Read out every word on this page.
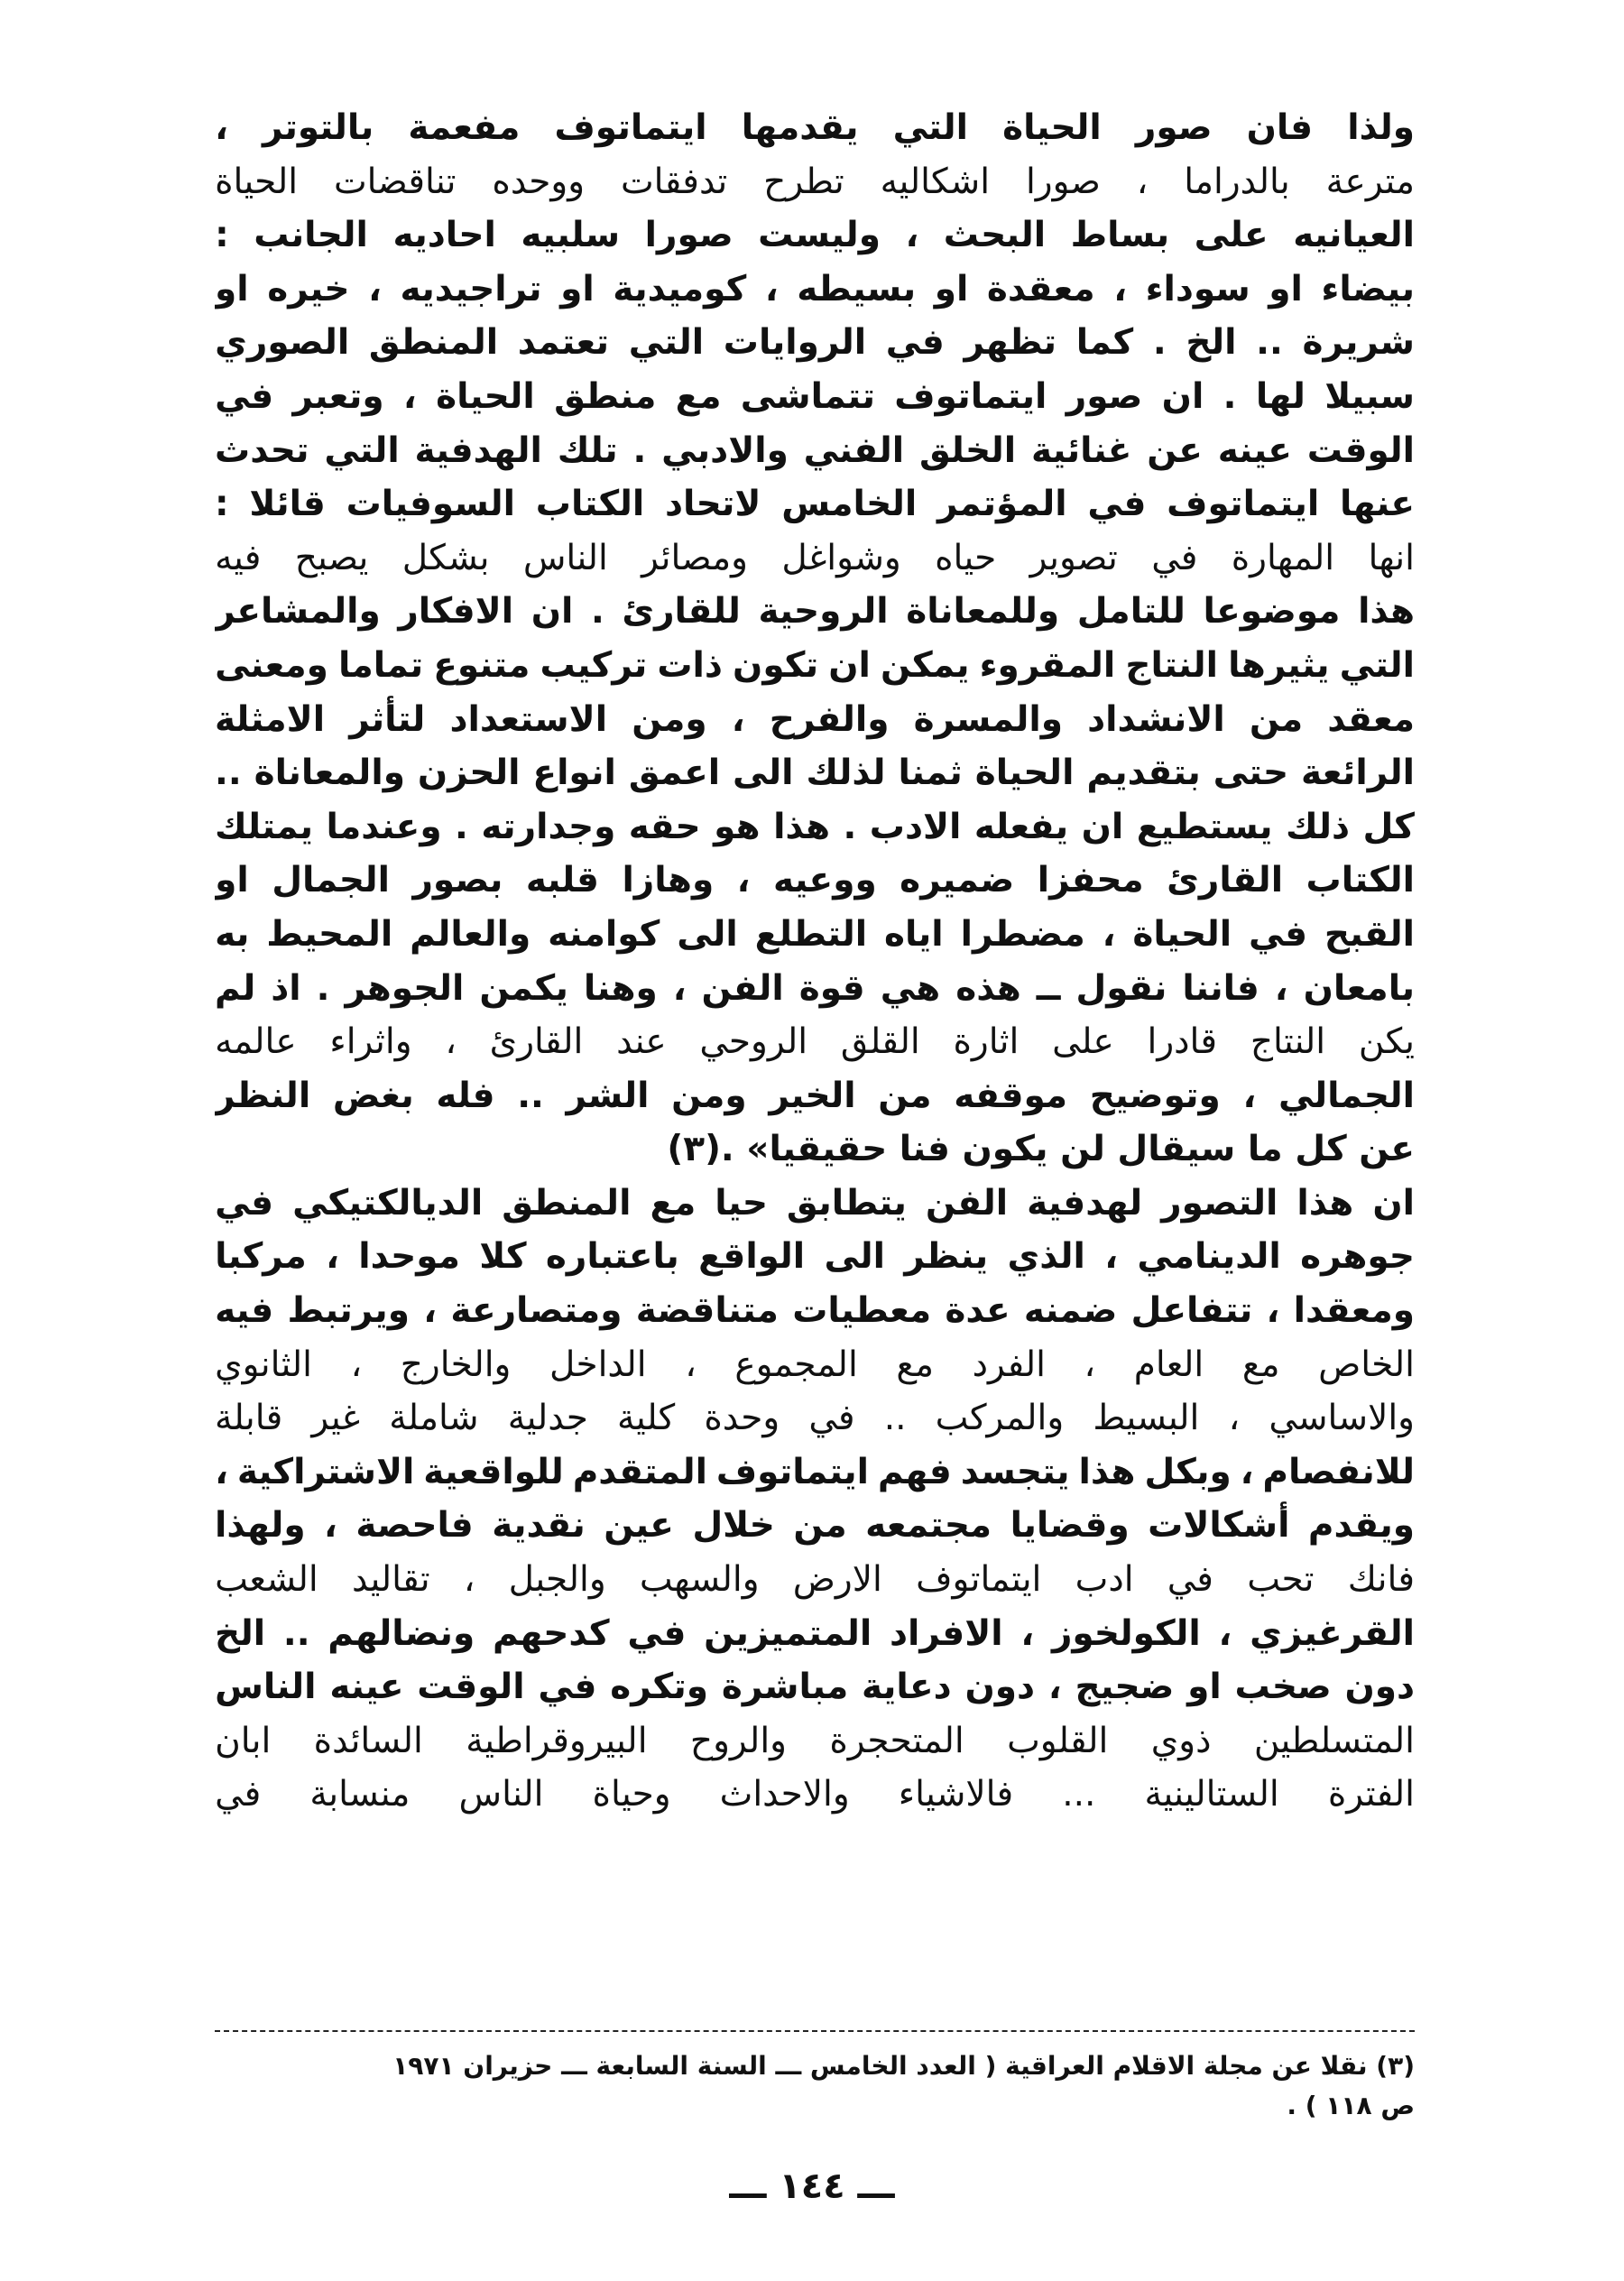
ولذا
فان
صور
الحياة
التي
يقدمها
ايتماتوف
مفعمة
بالتوتر
،
مترعة
بالدراما
،
صورا
اشكاليه
تطرح
تدفقات
ووحده
تناقضات
الحياة
العيانيه
على
بساط
البحث
،
وليست
صورا
سلبيه
احاديه
الجانب
:
بيضاء
او
سوداء
،
معقدة
او
بسيطه
،
كوميدية
او
تراجيديه
،
خيره
او
شريرة
..
الخ
.
كما
تظهر
في
الروايات
التي
تعتمد
المنطق
الصوري
سبيلا
لها
.
ان
صور
ايتماتوف
تتماشى
مع
منطق
الحياة
،
وتعبر
في
الوقت
عينه
عن
غنائية
الخلق
الفني
والادبي
.
تلك
الهدفية
التي
تحدث
عنها
ايتماتوف
في
المؤتمر
الخامس
لاتحاد
الكتاب
السوفيات
قائلا
:
انها
المهارة
في
تصوير
حياه
وشواغل
ومصائر
الناس
بشكل
يصبح
فيه
هذا
موضوعا
للتامل
وللمعاناة
الروحية
للقارئ
.
ان
الافكار
والمشاعر
التي
يثيرها
النتاج
المقروء
يمكن
ان
تكون
ذات
تركيب
متنوع
تماما
ومعنى
معقد
من
الانشداد
والمسرة
والفرح
،
ومن
الاستعداد
لتأثر
الامثلة
الرائعة
حتى
بتقديم
الحياة
ثمنا
لذلك
الى
اعمق
انواع
الحزن
والمعاناة
..
كل
ذلك
يستطيع
ان
يفعله
الادب
.
هذا
هو
حقه
وجدارته
.
وعندما
يمتلك
الكتاب
القارئ
محفزا
ضميره
ووعيه
،
وهازا
قلبه
بصور
الجمال
او
القبح
في
الحياة
،
مضطرا
اياه
التطلع
الى
كوامنه
والعالم
المحيط
به
بامعان
،
فاننا
نقول
ــ
هذه
هي
قوة
الفن
،
وهنا
يكمن
الجوهر
.
اذ
لم
يكن
النتاج
قادرا
على
اثارة
القلق
الروحي
عند
القارئ
،
واثراء
عالمه
الجمالي
،
وتوضيح
موقفه
من
الخير
ومن
الشر
..
فله
بغض
النظر
عن كل ما سيقال لن يكون فنا حقيقيا» .(٣)
ان
هذا
التصور
لهدفية
الفن
يتطابق
حيا
مع
المنطق
الديالكتيكي
في
جوهره
الدينامي
،
الذي
ينظر
الى
الواقع
باعتباره
كلا
موحدا
،
مركبا
ومعقدا
،
تتفاعل
ضمنه
عدة
معطيات
متناقضة
ومتصارعة
،
ويرتبط
فيه
الخاص
مع
العام
،
الفرد
مع
المجموع
،
الداخل
والخارج
،
الثانوي
والاساسي
،
البسيط
والمركب
..
في
وحدة
كلية
جدلية
شاملة
غير
قابلة
للانفصام
،
وبكل
هذا
يتجسد
فهم
ايتماتوف
المتقدم
للواقعية
الاشتراكية
،
ويقدم
أشكالات
وقضايا
مجتمعه
من
خلال
عين
نقدية
فاحصة
،
ولهذا
فانك
تحب
في
ادب
ايتماتوف
الارض
والسهب
والجبل
،
تقاليد
الشعب
القرغيزي
،
الكولخوز
،
الافراد
المتميزين
في
كدحهم
ونضالهم
..
الخ
دون
صخب
او
ضجيج
،
دون
دعاية
مباشرة
وتكره
في
الوقت
عينه
الناس
المتسلطين
ذوي
القلوب
المتحجرة
والروح
البيروقراطية
السائدة
ابان
الفترة
الستالينية
...
فالاشياء
والاحداث
وحياة
الناس
منسابة
في
(٣) نقلا عن مجلة الاقلام العراقية ( العدد الخامس ـــ السنة السابعة ـــ حزيران ١٩٧١
ص ١١٨ ) .
ـــ ١٤٤ ـــ
